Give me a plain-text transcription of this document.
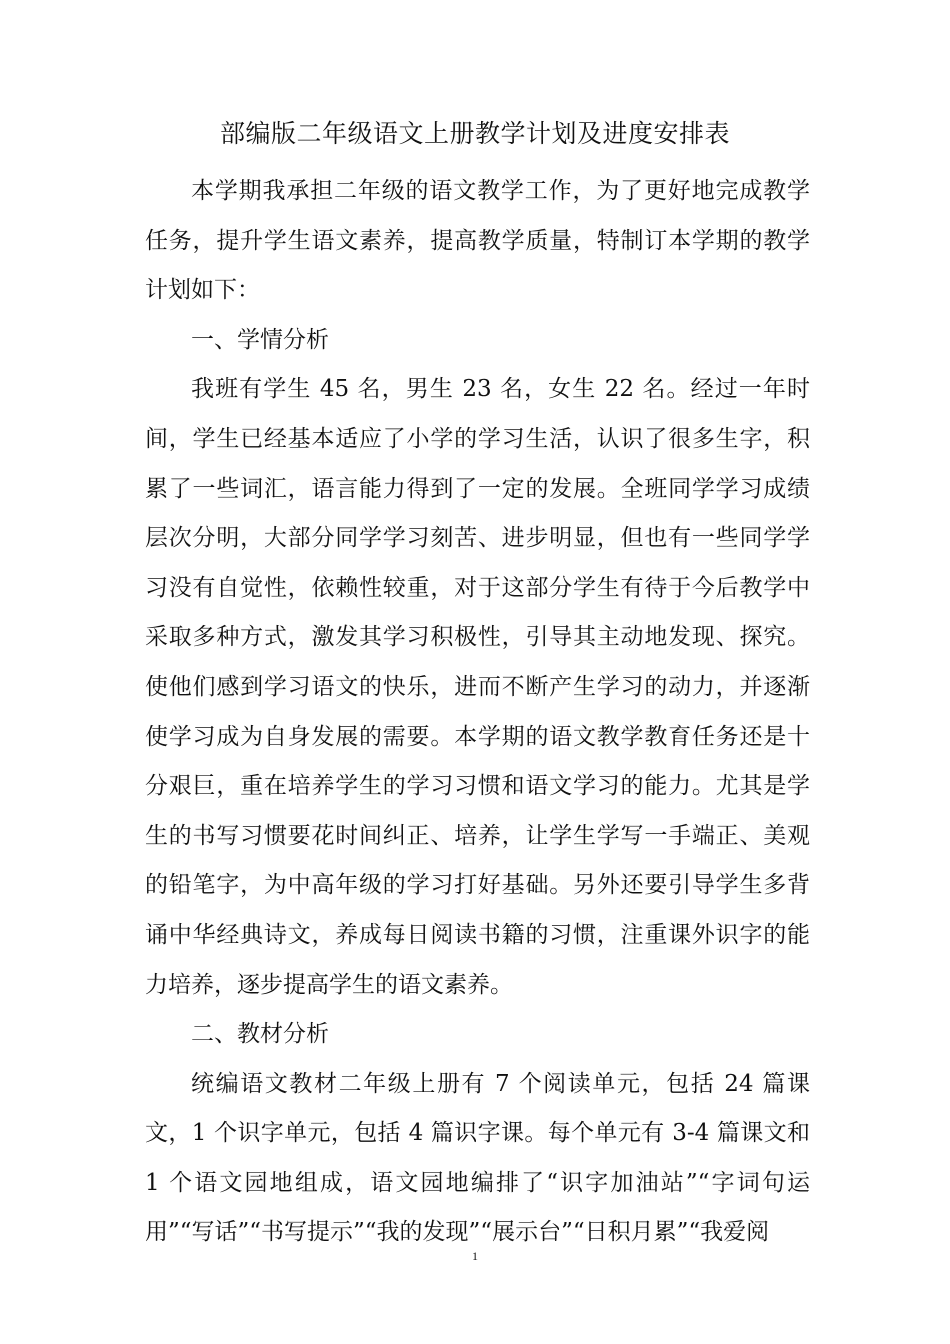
部编版二年级语文上册教学计划及进度安排表

本学期我承担二年级的语文教学工作，为了更好地完成教学任务，提升学生语文素养，提高教学质量，特制订本学期的教学计划如下：

一、学情分析

我班有学生 45 名，男生 23 名，女生 22 名。经过一年时间，学生已经基本适应了小学的学习生活，认识了很多生字，积累了一些词汇，语言能力得到了一定的发展。全班同学学习成绩层次分明，大部分同学学习刻苦、进步明显，但也有一些同学学习没有自觉性，依赖性较重，对于这部分学生有待于今后教学中采取多种方式，激发其学习积极性，引导其主动地发现、探究。使他们感到学习语文的快乐，进而不断产生学习的动力，并逐渐使学习成为自身发展的需要。本学期的语文教学教育任务还是十分艰巨，重在培养学生的学习习惯和语文学习的能力。尤其是学生的书写习惯要花时间纠正、培养，让学生学写一手端正、美观的铅笔字，为中高年级的学习打好基础。另外还要引导学生多背诵中华经典诗文，养成每日阅读书籍的习惯，注重课外识字的能力培养，逐步提高学生的语文素养。

二、教材分析

统编语文教材二年级上册有 7 个阅读单元，包括 24 篇课文，1 个识字单元，包括 4 篇识字课。每个单元有 3-4 篇课文和 1 个语文园地组成，语文园地编排了“识字加油站”“字词句运用”“写话”“书写提示”“我的发现”“展示台”“日积月累”“我爱阅

1
